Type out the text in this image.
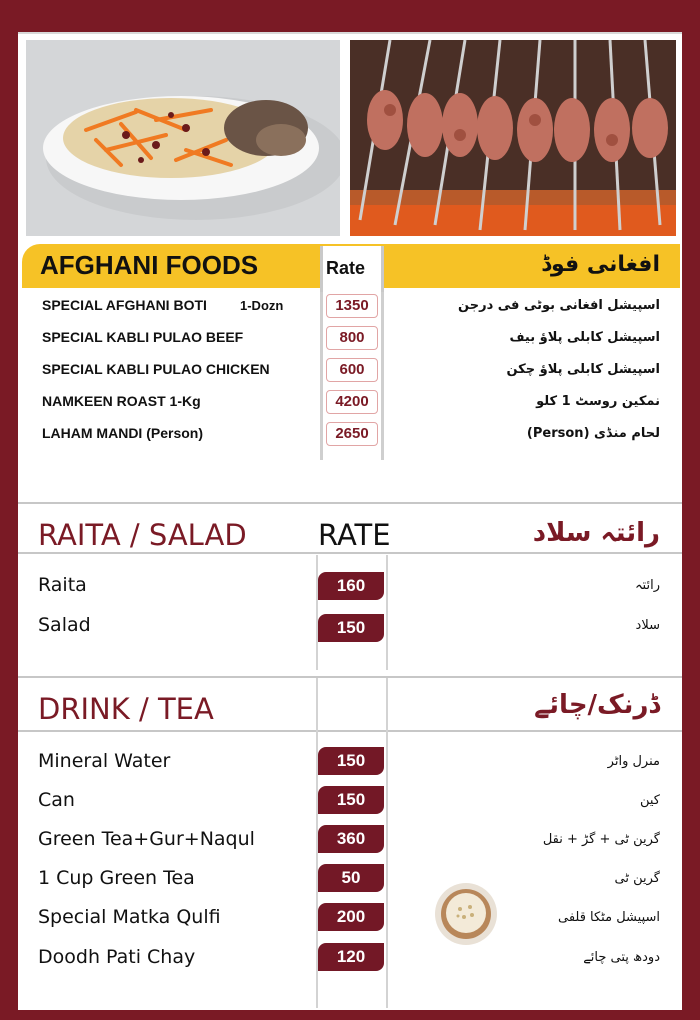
AFGHANI FOODS	افغانی فوڈ
Rate
SPECIAL AFGHANI BOTI	1-Dozn	1350	اسپیشل افغانی بوٹی فی درجن
SPECIAL KABLI PULAO BEEF	800	اسپیشل کابلی پلاؤ بیف
SPECIAL KABLI PULAO CHICKEN	600	اسپیشل کابلی پلاؤ چکن
NAMKEEN ROAST 1-Kg	4200	نمکین روسٹ 1 کلو
LAHAM MANDI (Person)	2650	لحام منڈی (Person)
RAITA / SALAD RATE	رائتہ سلاد
Raita	160	رائتہ
Salad	150	سلاد
DRINK / TEA	ڈرنک/چائے
Mineral Water	150	منرل واٹر
Can	150	کین
Green Tea+Gur+Naqul	360	گرین ٹی + گڑ + نقل
1 Cup Green Tea	50	گرین ٹی
Special Matka Qulfi	200	اسپیشل مٹکا قلفی
Doodh Pati Chay	120	دودھ پتی چائے
